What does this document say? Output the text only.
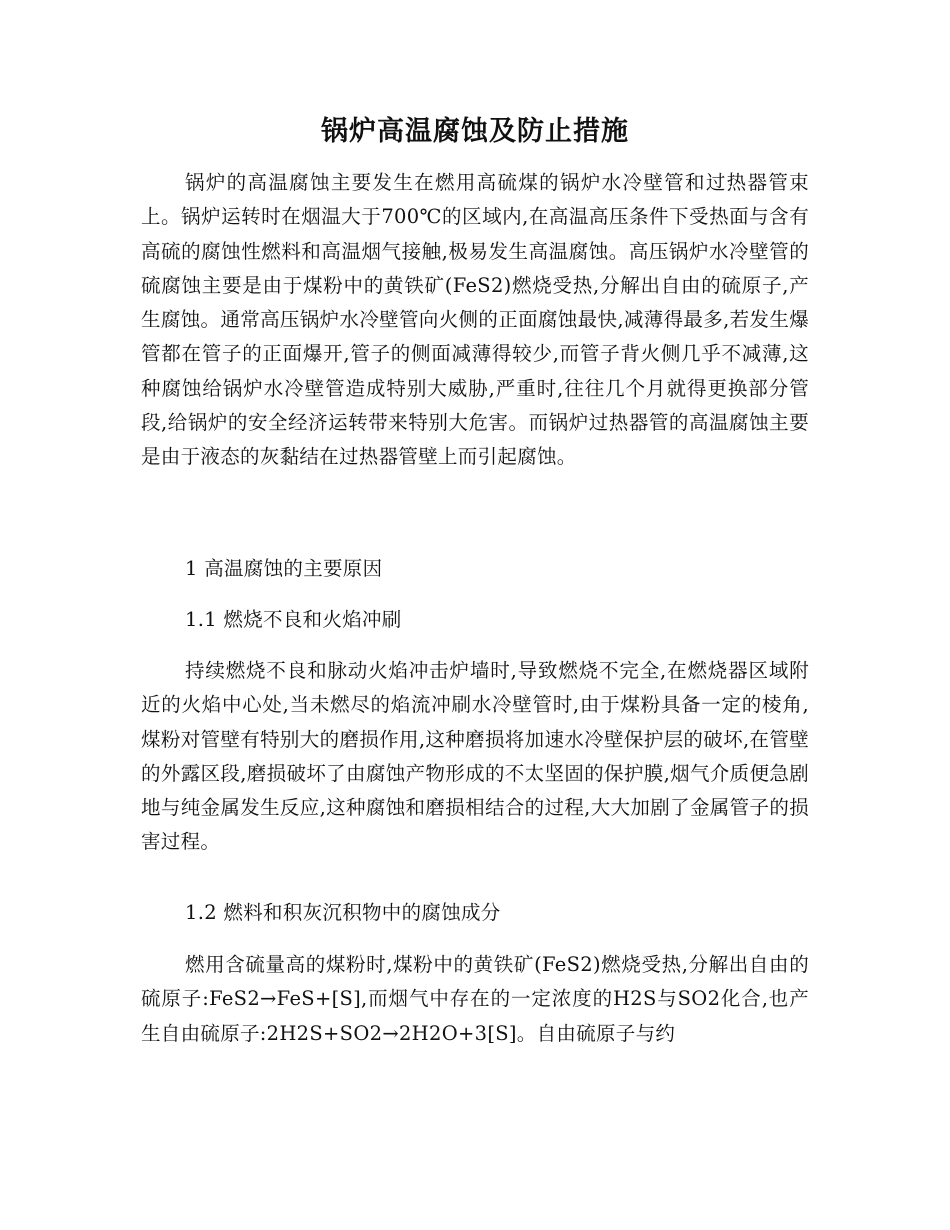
锅炉高温腐蚀及防止措施

锅炉的高温腐蚀主要发生在燃用高硫煤的锅炉水冷壁管和过热器管束上。锅炉运转时在烟温大于700℃的区域内,在高温高压条件下受热面与含有高硫的腐蚀性燃料和高温烟气接触,极易发生高温腐蚀。高压锅炉水冷壁管的硫腐蚀主要是由于煤粉中的黄铁矿(FeS2)燃烧受热,分解出自由的硫原子,产生腐蚀。通常高压锅炉水冷壁管向火侧的正面腐蚀最快,减薄得最多,若发生爆管都在管子的正面爆开,管子的侧面减薄得较少,而管子背火侧几乎不减薄,这种腐蚀给锅炉水冷壁管造成特别大威胁,严重时,往往几个月就得更换部分管段,给锅炉的安全经济运转带来特别大危害。而锅炉过热器管的高温腐蚀主要是由于液态的灰黏结在过热器管壁上而引起腐蚀。

1 高温腐蚀的主要原因

1.1 燃烧不良和火焰冲刷

持续燃烧不良和脉动火焰冲击炉墙时,导致燃烧不完全,在燃烧器区域附近的火焰中心处,当未燃尽的焰流冲刷水冷壁管时,由于煤粉具备一定的棱角,煤粉对管壁有特别大的磨损作用,这种磨损将加速水冷壁保护层的破坏,在管壁的外露区段,磨损破坏了由腐蚀产物形成的不太坚固的保护膜,烟气介质便急剧地与纯金属发生反应,这种腐蚀和磨损相结合的过程,大大加剧了金属管子的损害过程。

1.2 燃料和积灰沉积物中的腐蚀成分

燃用含硫量高的煤粉时,煤粉中的黄铁矿(FeS2)燃烧受热,分解出自由的硫原子:FeS2→FeS+[S],而烟气中存在的一定浓度的H2S与SO2化合,也产生自由硫原子:2H2S+SO2→2H2O+3[S]。自由硫原子与约
